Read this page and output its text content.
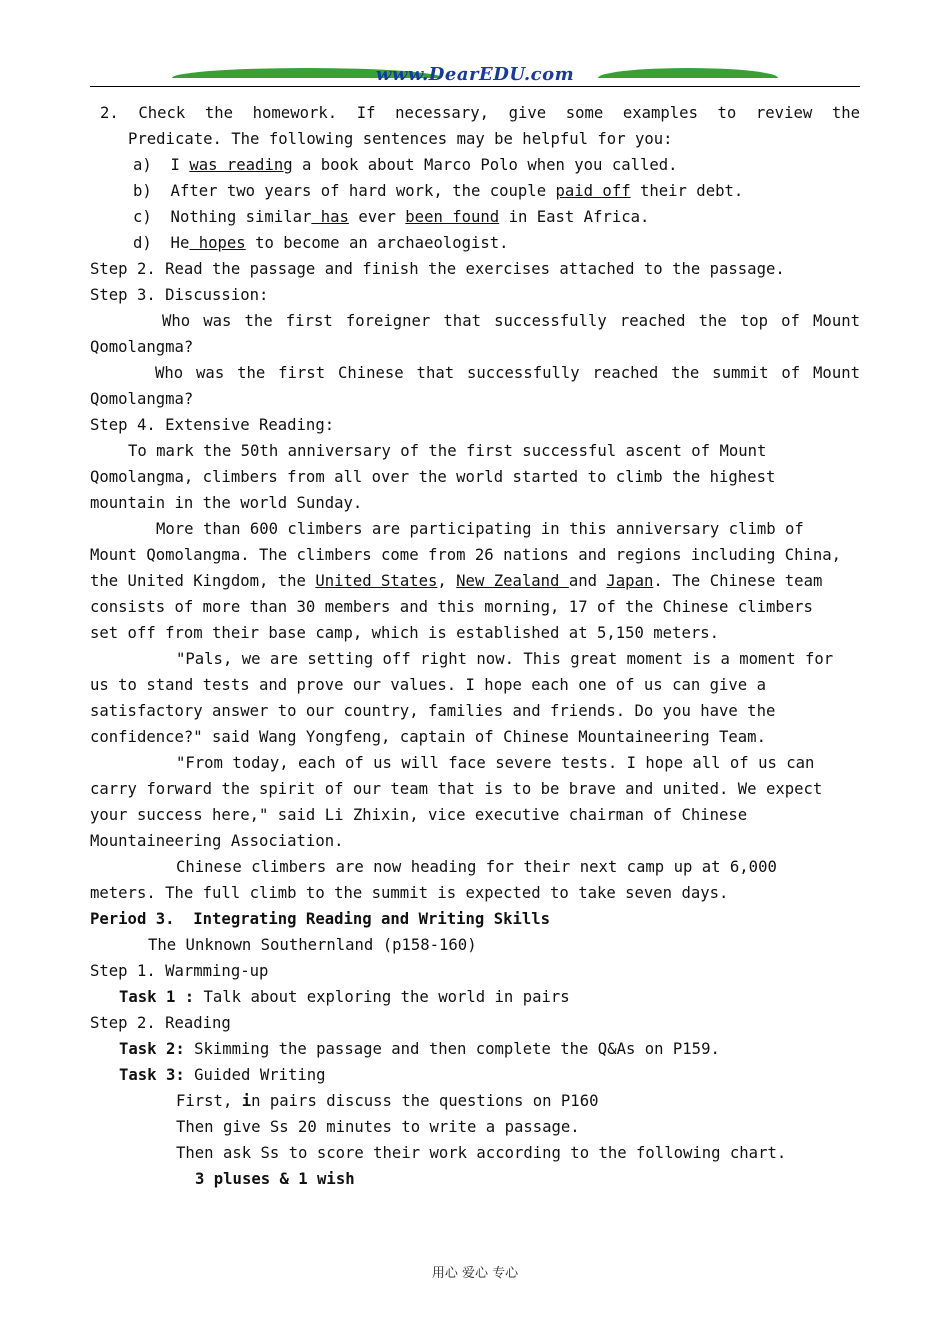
www.DearEDU.com
2. Check the homework. If necessary, give some examples to review the
Predicate. The following sentences may be helpful for you:
a)  I was reading a book about Marco Polo when you called.
b)  After two years of hard work, the couple paid off their debt.
c)  Nothing similar has ever been found in East Africa.
d)  He hopes to become an archaeologist.
Step 2. Read the passage and finish the exercises attached to the passage.
Step 3. Discussion:
Who was the first foreigner that successfully reached the top of Mount
Qomolangma?
Who was the first Chinese that successfully reached the summit of Mount
Qomolangma?
Step 4. Extensive Reading:
To mark the 50th anniversary of the first successful ascent of Mount
Qomolangma, climbers from all over the world started to climb the highest
mountain in the world Sunday.
More than 600 climbers are participating in this anniversary climb of
Mount Qomolangma. The climbers come from 26 nations and regions including China,
the United Kingdom, the United States, New Zealand and Japan. The Chinese team
consists of more than 30 members and this morning, 17 of the Chinese climbers
set off from their base camp, which is established at 5,150 meters.
"Pals, we are setting off right now. This great moment is a moment for
us to stand tests and prove our values. I hope each one of us can give a
satisfactory answer to our country, families and friends. Do you have the
confidence?" said Wang Yongfeng, captain of Chinese Mountaineering Team.
"From today, each of us will face severe tests. I hope all of us can
carry forward the spirit of our team that is to be brave and united. We expect
your success here," said Li Zhixin, vice executive chairman of Chinese
Mountaineering Association.
Chinese climbers are now heading for their next camp up at 6,000
meters. The full climb to the summit is expected to take seven days.
Period 3.  Integrating Reading and Writing Skills
The Unknown Southernland (p158-160)
Step 1. Warmming-up
Task 1 : Talk about exploring the world in pairs
Step 2. Reading
Task 2: Skimming the passage and then complete the Q&As on P159.
Task 3: Guided Writing
First, in pairs discuss the questions on P160
Then give Ss 20 minutes to write a passage.
Then ask Ss to score their work according to the following chart.
3 pluses & 1 wish
用心 爱心 专心
